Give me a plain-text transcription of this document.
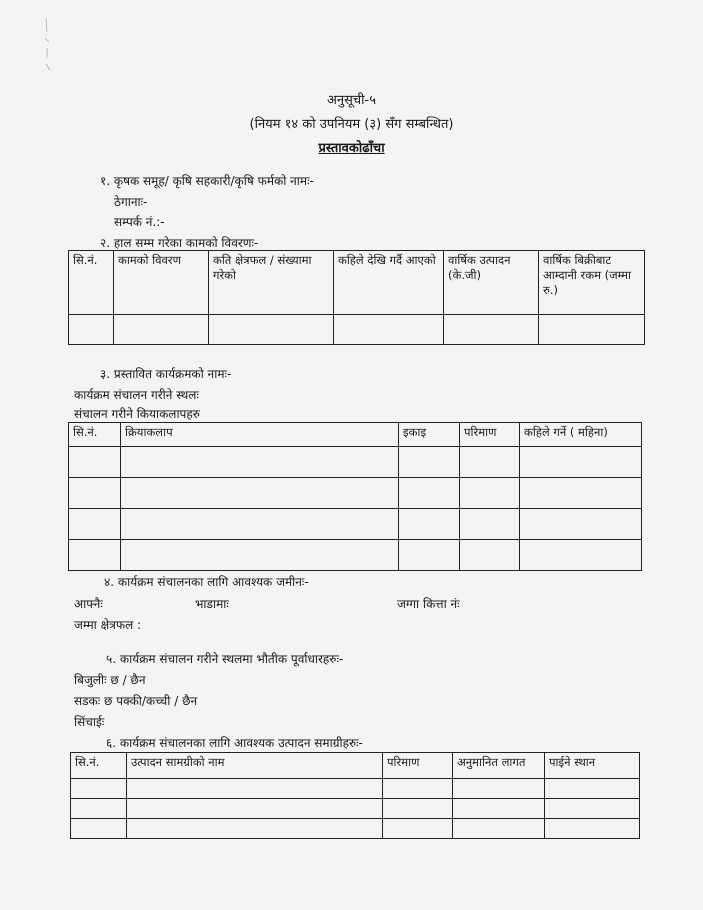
अनुसूची-५
(नियम १४ को उपनियम (३) सँग सम्बन्धित)
प्रस्तावकोढाँचा
१. कृषक समूह/ कृषि सहकारी/कृषि फर्मको नामः-
ठेगानाः-
सम्पर्क नं.:-
२. हाल सम्म गरेका कामको विवरणः-
सि.नं.	कामको विवरण	कति क्षेत्रफल / संख्यामा गरेको	कहिले देखि गर्दै आएको	वार्षिक उत्पादन (के.जी)	वार्षिक बिक्रीबाट आम्दानी रकम (जम्मा रु.)

३. प्रस्तावित कार्यक्रमको नामः-
कार्यक्रम संचालन गरीने स्थलः
संचालन गरीने कियाकलापहरु
सि.नं.	क्रियाकलाप	इकाइ	परिमाण	कहिले गर्ने ( महिना)

४. कार्यक्रम संचालनका लागि आवश्यक जमीनः-
आफ्नैः	भाडामाः	जग्गा कित्ता नंः
जम्मा क्षेत्रफल :
५. कार्यक्रम संचालन गरीने स्थलमा भौतीक पूर्वाधारहरुः-
बिजुलीः छ / छैन
सडकः छ पक्की/कच्ची / छैन
सिंचाईः
६. कार्यक्रम संचालनका लागि आवश्यक उत्पादन समाग्रीहरुः-
सि.नं.	उत्पादन सामग्रीको नाम	परिमाण	अनुमानित लागत	पाईने स्थान
